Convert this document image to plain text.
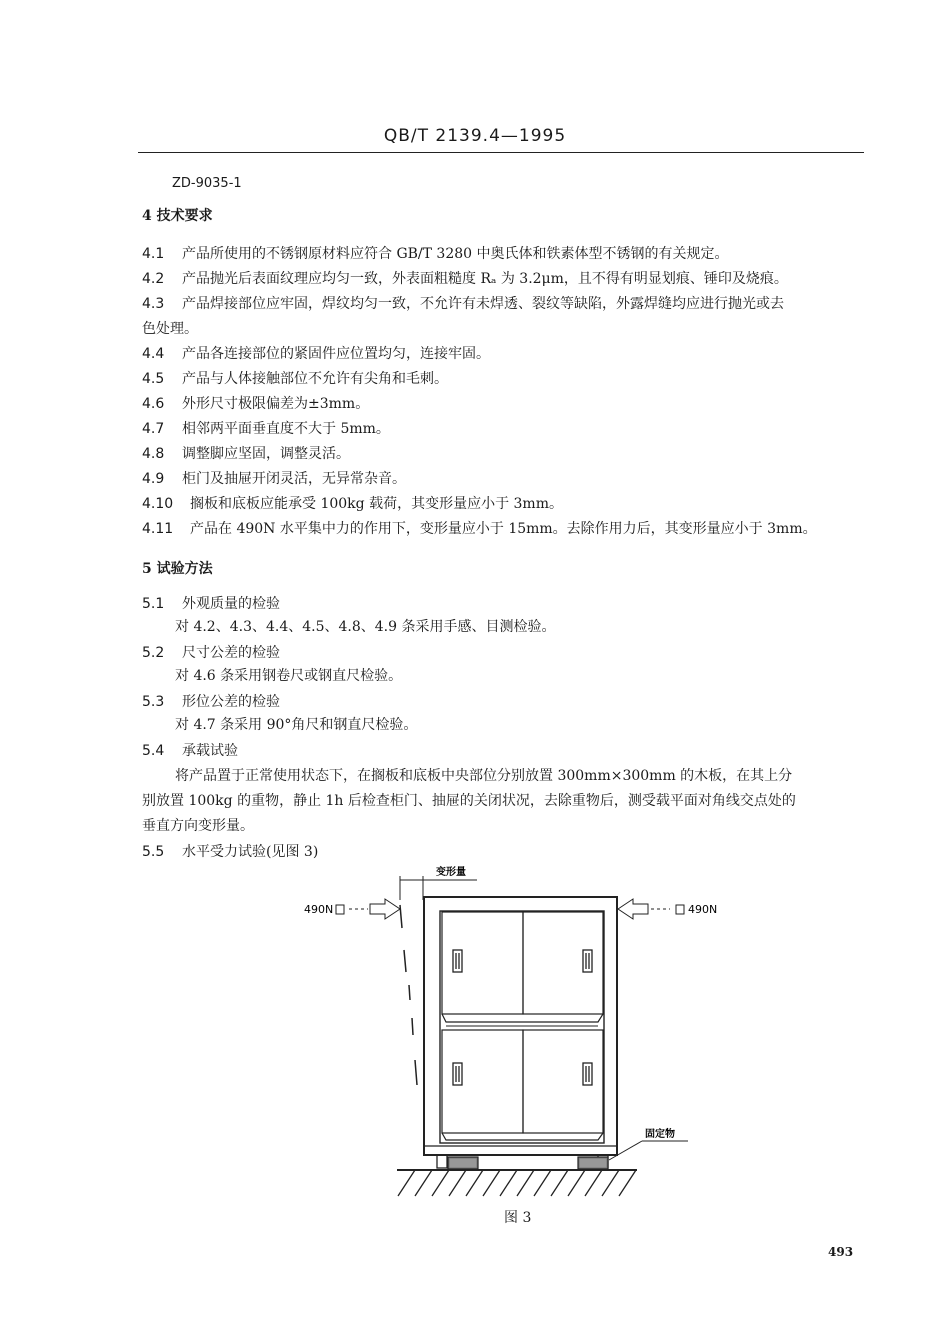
QB/T 2139.4—1995
ZD-9035-1
4 技术要求
4.1 产品所使用的不锈钢原材料应符合 GB/T 3280 中奥氏体和铁素体型不锈钢的有关规定。
4.2 产品抛光后表面纹理应均匀一致，外表面粗糙度 Rₐ 为 3.2μm，且不得有明显划痕、锤印及烧痕。
4.3 产品焊接部位应牢固，焊纹均匀一致，不允许有未焊透、裂纹等缺陷，外露焊缝均应进行抛光或去
色处理。
4.4 产品各连接部位的紧固件应位置均匀，连接牢固。
4.5 产品与人体接触部位不允许有尖角和毛刺。
4.6 外形尺寸极限偏差为±3mm。
4.7 相邻两平面垂直度不大于 5mm。
4.8 调整脚应坚固，调整灵活。
4.9 柜门及抽屉开闭灵活，无异常杂音。
4.10 搁板和底板应能承受 100kg 载荷，其变形量应小于 3mm。
4.11 产品在 490N 水平集中力的作用下，变形量应小于 15mm。去除作用力后，其变形量应小于 3mm。
5 试验方法
5.1 外观质量的检验
对 4.2、4.3、4.4、4.5、4.8、4.9 条采用手感、目测检验。
5.2 尺寸公差的检验
对 4.6 条采用钢卷尺或钢直尺检验。
5.3 形位公差的检验
对 4.7 条采用 90°角尺和钢直尺检验。
5.4 承载试验
将产品置于正常使用状态下，在搁板和底板中央部位分别放置 300mm×300mm 的木板，在其上分
别放置 100kg 的重物，静止 1h 后检查柜门、抽屉的关闭状况，去除重物后，测受载平面对角线交点处的
垂直方向变形量。
5.5 水平受力试验(见图 3)
变形量
490N	490N
固定物
图 3
493
